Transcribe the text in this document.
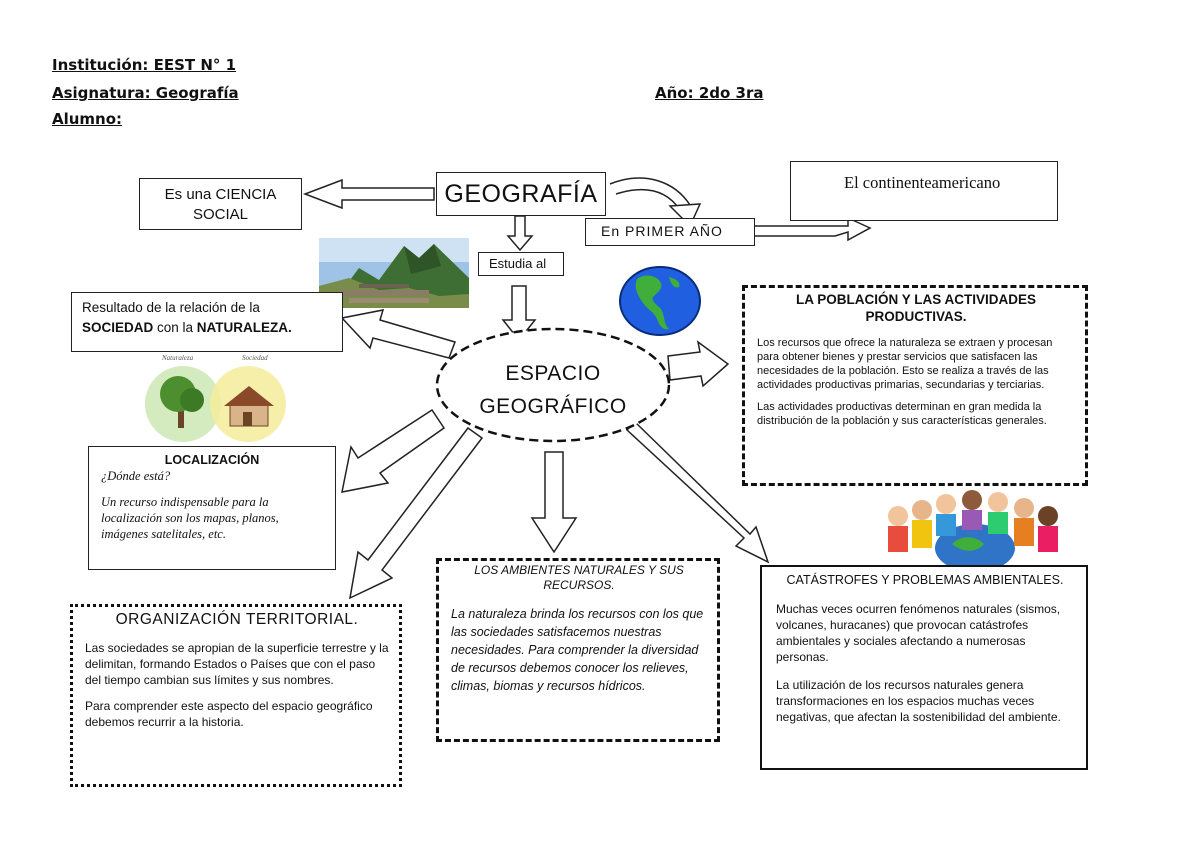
Institución: EEST N° 1
Asignatura: Geografía	Año: 2do 3ra
Alumno:
Es una CIENCIA
SOCIAL
GEOGRAFÍA
En PRIMER AÑO
El continenteamericano
Estudia al
Resultado de la relación de la
SOCIEDAD con la NATURALEZA.
Naturaleza	Sociedad
ESPACIO
GEOGRÁFICO
LA POBLACIÓN Y LAS ACTIVIDADES PRODUCTIVAS.

Los recursos que ofrece la naturaleza se extraen y procesan para obtener bienes y prestar servicios que satisfacen las necesidades de la población. Esto se realiza a través de las actividades productivas primarias, secundarias y terciarias.

Las actividades productivas determinan en gran medida la distribución de la población y sus características generales.

LOCALIZACIÓN
¿Dónde está?
Un recurso indispensable para la localización son los mapas, planos, imágenes satelitales, etc.
ORGANIZACIÓN TERRITORIAL.

Las sociedades se apropian de la superficie terrestre y la delimitan, formando Estados o Países que con el paso del tiempo cambian sus límites y sus nombres.

Para comprender este aspecto del espacio geográfico debemos recurrir a la historia.

LOS AMBIENTES NATURALES Y SUS RECURSOS.

La naturaleza brinda los recursos con los que las sociedades satisfacemos nuestras necesidades. Para comprender la diversidad de recursos debemos conocer los relieves, climas, biomas y recursos hídricos.

CATÁSTROFES Y PROBLEMAS AMBIENTALES.

Muchas veces ocurren fenómenos naturales (sismos, volcanes, huracanes) que provocan catástrofes ambientales y sociales afectando a numerosas personas.

La utilización de los recursos naturales genera transformaciones en los espacios muchas veces negativas, que afectan la sostenibilidad del ambiente.
